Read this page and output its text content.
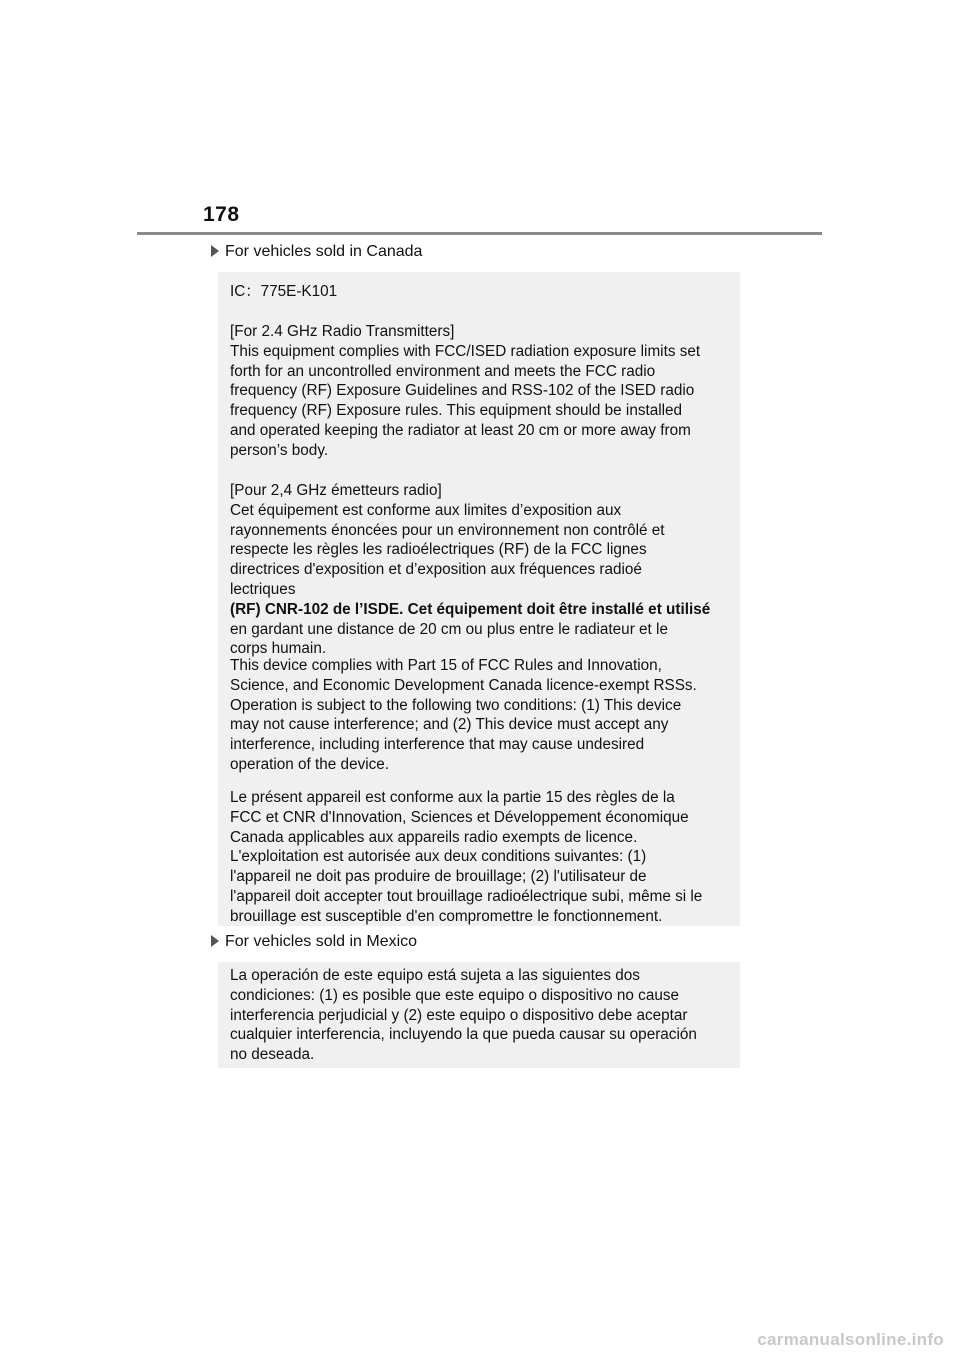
178
For vehicles sold in Canada
IC：775E-K101
[For 2.4 GHz Radio Transmitters]
This equipment complies with FCC/ISED radiation exposure limits set
forth for an uncontrolled environment and meets the FCC radio
frequency (RF) Exposure Guidelines and RSS-102 of the ISED radio
frequency (RF) Exposure rules. This equipment should be installed
and operated keeping the radiator at least 20 cm or more away from
person’s body.
[Pour 2,4 GHz émetteurs radio]
Cet équipement est conforme aux limites d’exposition aux
rayonnements énoncées pour un environnement non contrôlé et
respecte les règles les radioélectriques (RF) de la FCC lignes
directrices d'exposition et d’exposition aux fréquences radioé
lectriques
(RF) CNR-102 de l’ISDE. Cet équipement doit être installé et utilisé
en gardant une distance de 20 cm ou plus entre le radiateur et le
corps humain.
This device complies with Part 15 of FCC Rules and Innovation,
Science, and Economic Development Canada licence-exempt RSSs.
Operation is subject to the following two conditions: (1) This device
may not cause interference; and (2) This device must accept any
interference, including interference that may cause undesired
operation of the device.
Le présent appareil est conforme aux la partie 15 des règles de la
FCC et CNR d'Innovation, Sciences et Développement économique
Canada applicables aux appareils radio exempts de licence.
L'exploitation est autorisée aux deux conditions suivantes: (1)
l'appareil ne doit pas produire de brouillage; (2) l'utilisateur de
l'appareil doit accepter tout brouillage radioélectrique subi, même si le
brouillage est susceptible d'en compromettre le fonctionnement.
For vehicles sold in Mexico
La operación de este equipo está sujeta a las siguientes dos
condiciones: (1) es posible que este equipo o dispositivo no cause
interferencia perjudicial y (2) este equipo o dispositivo debe aceptar
cualquier interferencia, incluyendo la que pueda causar su operación
no deseada.
carmanualsonline.info
